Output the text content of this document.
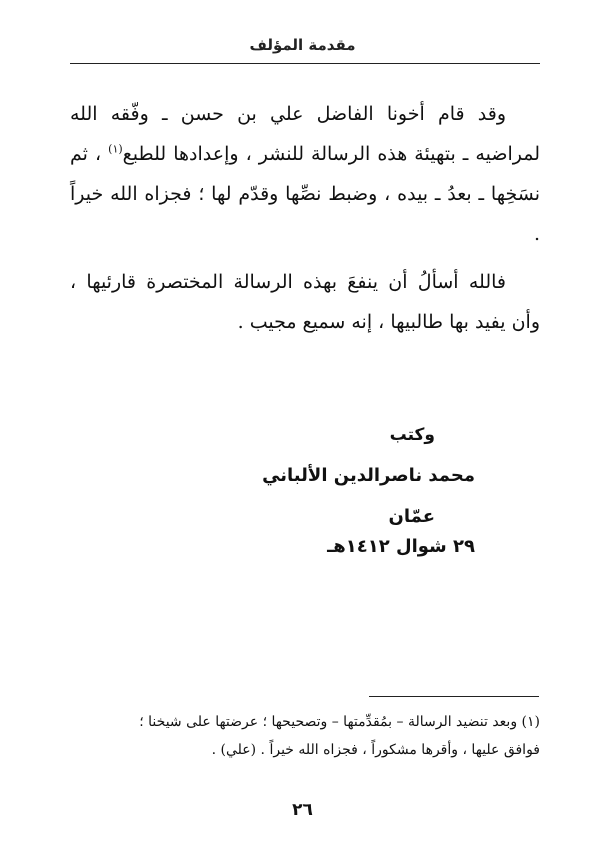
مقدمة المؤلف

وقد قام أخونا الفاضل علي بن حسن ـ وفّقه الله لمراضيه ـ بتهيئة هذه الرسالة للنشر ، وإعدادها للطبع$^{(١)}$ ، ثم نسَخِها ـ بعدُ ـ بيده ، وضبط نصِّها وقدّم لها ؛ فجزاه الله خيراً .

فالله أسألُ أن ينفعَ بهذه الرسالة المختصرة قارئيها ، وأن يفيد بها طالبيها ، إنه سميع مجيب .

وكتب
محمد ناصرالدين الألباني
عمّان
٢٩ شوال ١٤١٢هـ

(١) وبعد تنضيد الرسالة – بمُقدِّمتها – وتصحيحها ؛ عرضتها على شيخنا ؛

فوافق عليها ، وأقرها مشكوراً ، فجزاه الله خيراً . (علي) .

٢٦
